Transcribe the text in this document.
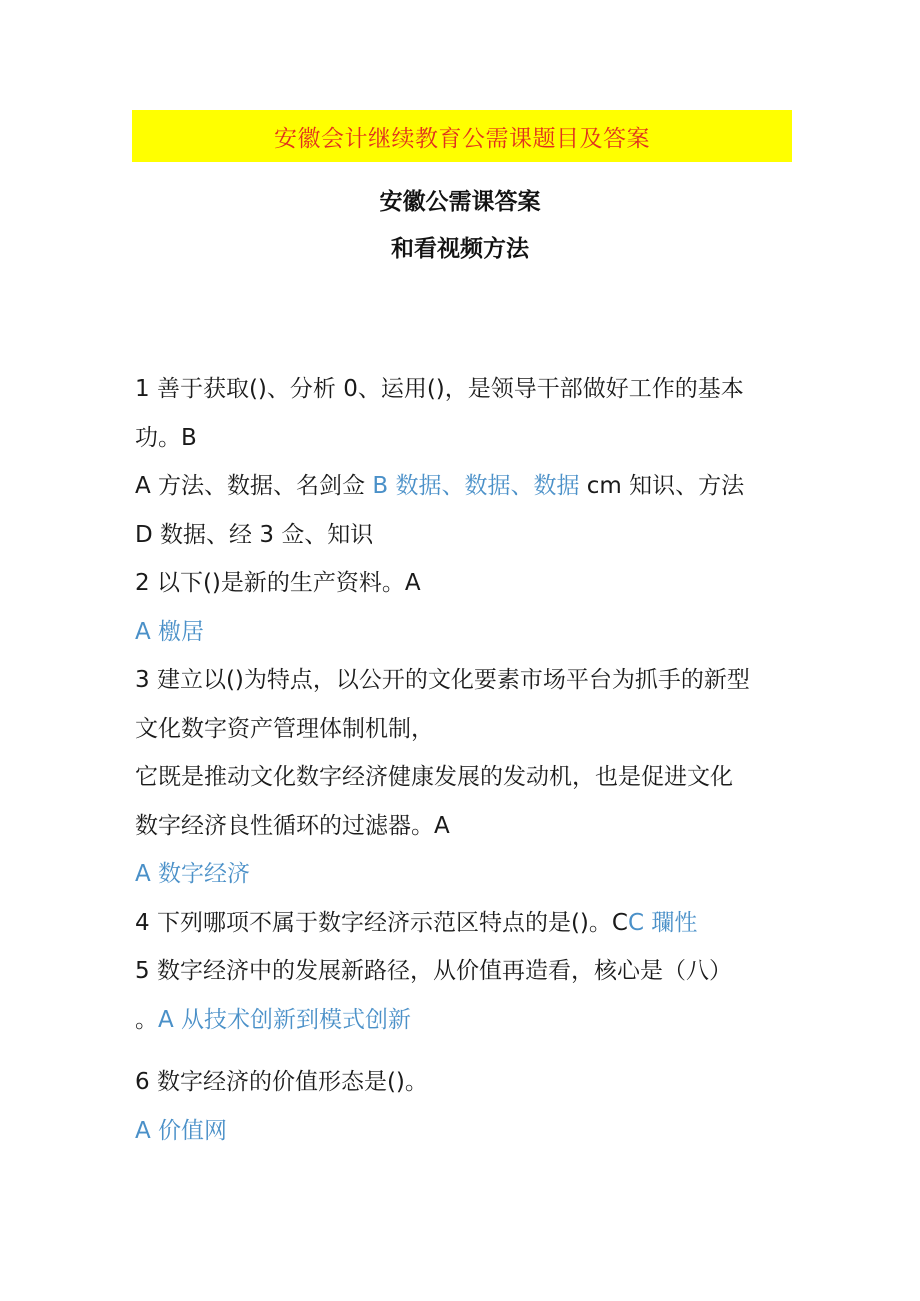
安徽会计继续教育公需课题目及答案
安徽公需课答案
和看视频方法

1 善于获取()、分析 0、运用()，是领导干部做好工作的基本

功。B

A 方法、数据、名剑佥 B 数据、数据、数据 cm 知识、方法

D 数据、经 3 佥、知识

2 以下()是新的生产资料。A

A 檄居

3 建立以()为特点，以公开的文化要素市场平台为抓手的新型

文化数字资产管理体制机制，

它既是推动文化数字经济健康发展的发动机，也是促进文化

数字经济良性循环的过滤器。A

A 数字经济

4 下列哪项不属于数字经济示范区特点的是()。CC 瓓性

5 数字经济中的发展新路径，从价值再造看，核心是（八）

。A 从技术创新到模式创新

6 数字经济的价值形态是()。

A 价值网
